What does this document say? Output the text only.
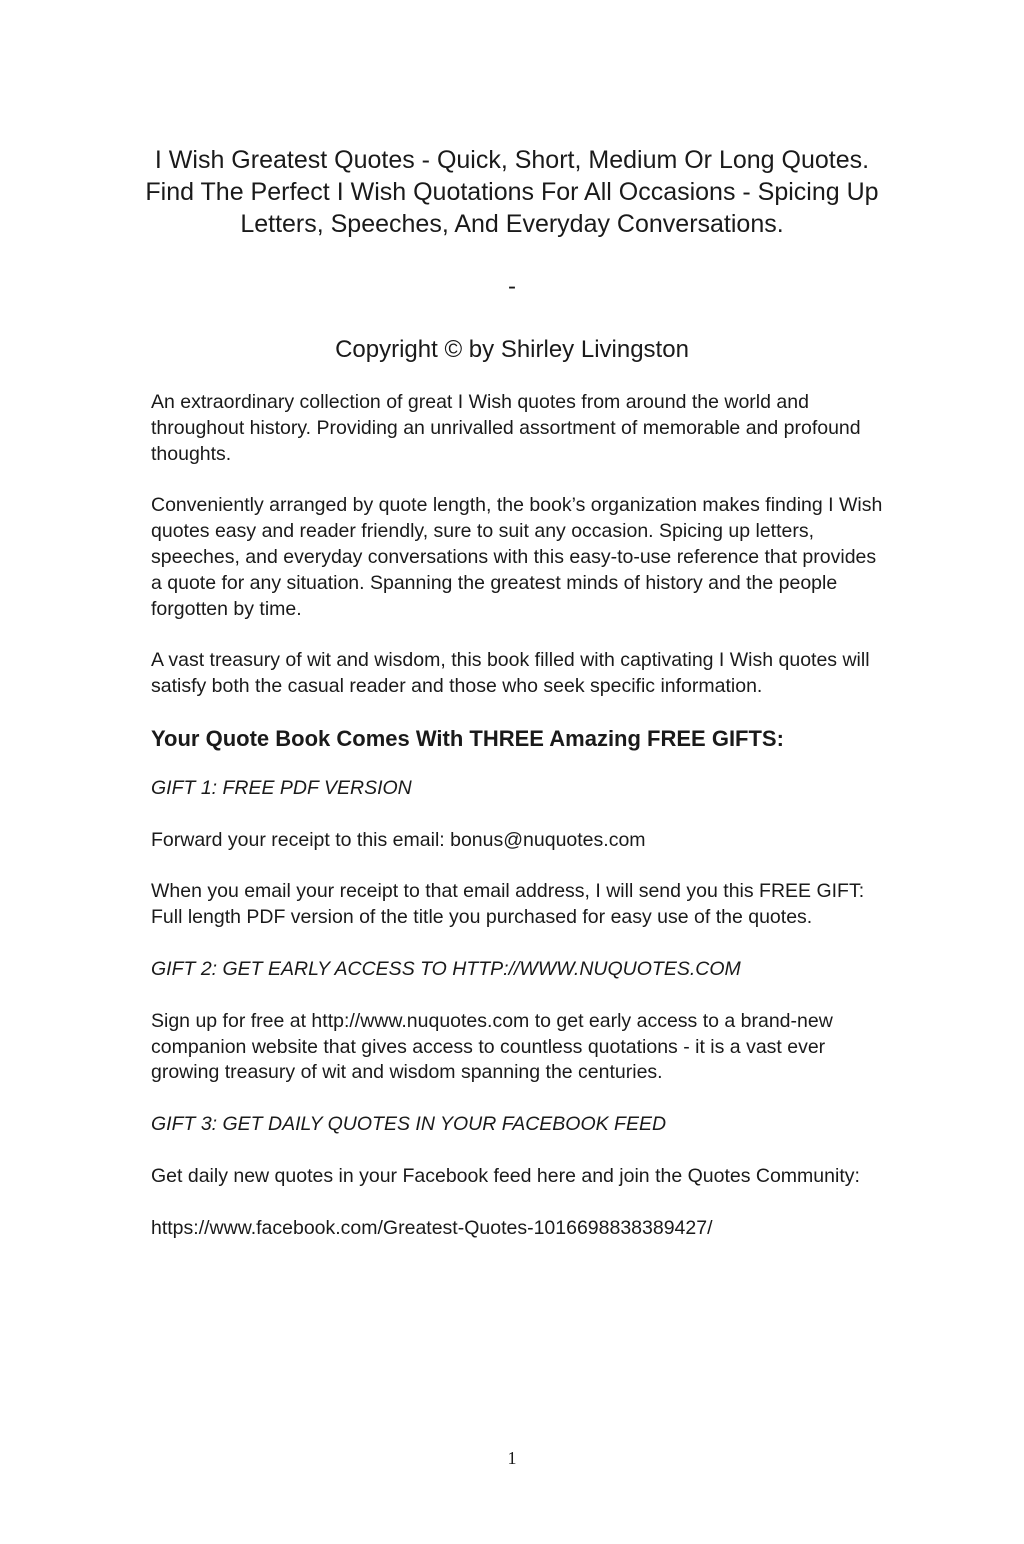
I Wish Greatest Quotes - Quick, Short, Medium Or Long Quotes. Find The Perfect I Wish Quotations For All Occasions - Spicing Up Letters, Speeches, And Everyday Conversations.
-
Copyright © by Shirley Livingston

An extraordinary collection of great I Wish quotes from around the world and throughout history. Providing an unrivalled assortment of memorable and profound thoughts.

Conveniently arranged by quote length, the book’s organization makes finding I Wish quotes easy and reader friendly, sure to suit any occasion. Spicing up letters, speeches, and everyday conversations with this easy-to-use reference that provides a quote for any situation. Spanning the greatest minds of history and the people forgotten by time.

A vast treasury of wit and wisdom, this book filled with captivating I Wish quotes will satisfy both the casual reader and those who seek specific information.

Your Quote Book Comes With THREE Amazing FREE GIFTS:

GIFT 1: FREE PDF VERSION

Forward your receipt to this email: bonus@nuquotes.com

When you email your receipt to that email address, I will send you this FREE GIFT: Full length PDF version of the title you purchased for easy use of the quotes.

GIFT 2: GET EARLY ACCESS TO HTTP://WWW.NUQUOTES.COM

Sign up for free at http://www.nuquotes.com to get early access to a brand-new companion website that gives access to countless quotations - it is a vast ever growing treasury of wit and wisdom spanning the centuries.

GIFT 3: GET DAILY QUOTES IN YOUR FACEBOOK FEED

Get daily new quotes in your Facebook feed here and join the Quotes Community:

https://www.facebook.com/Greatest-Quotes-1016698838389427/

1
